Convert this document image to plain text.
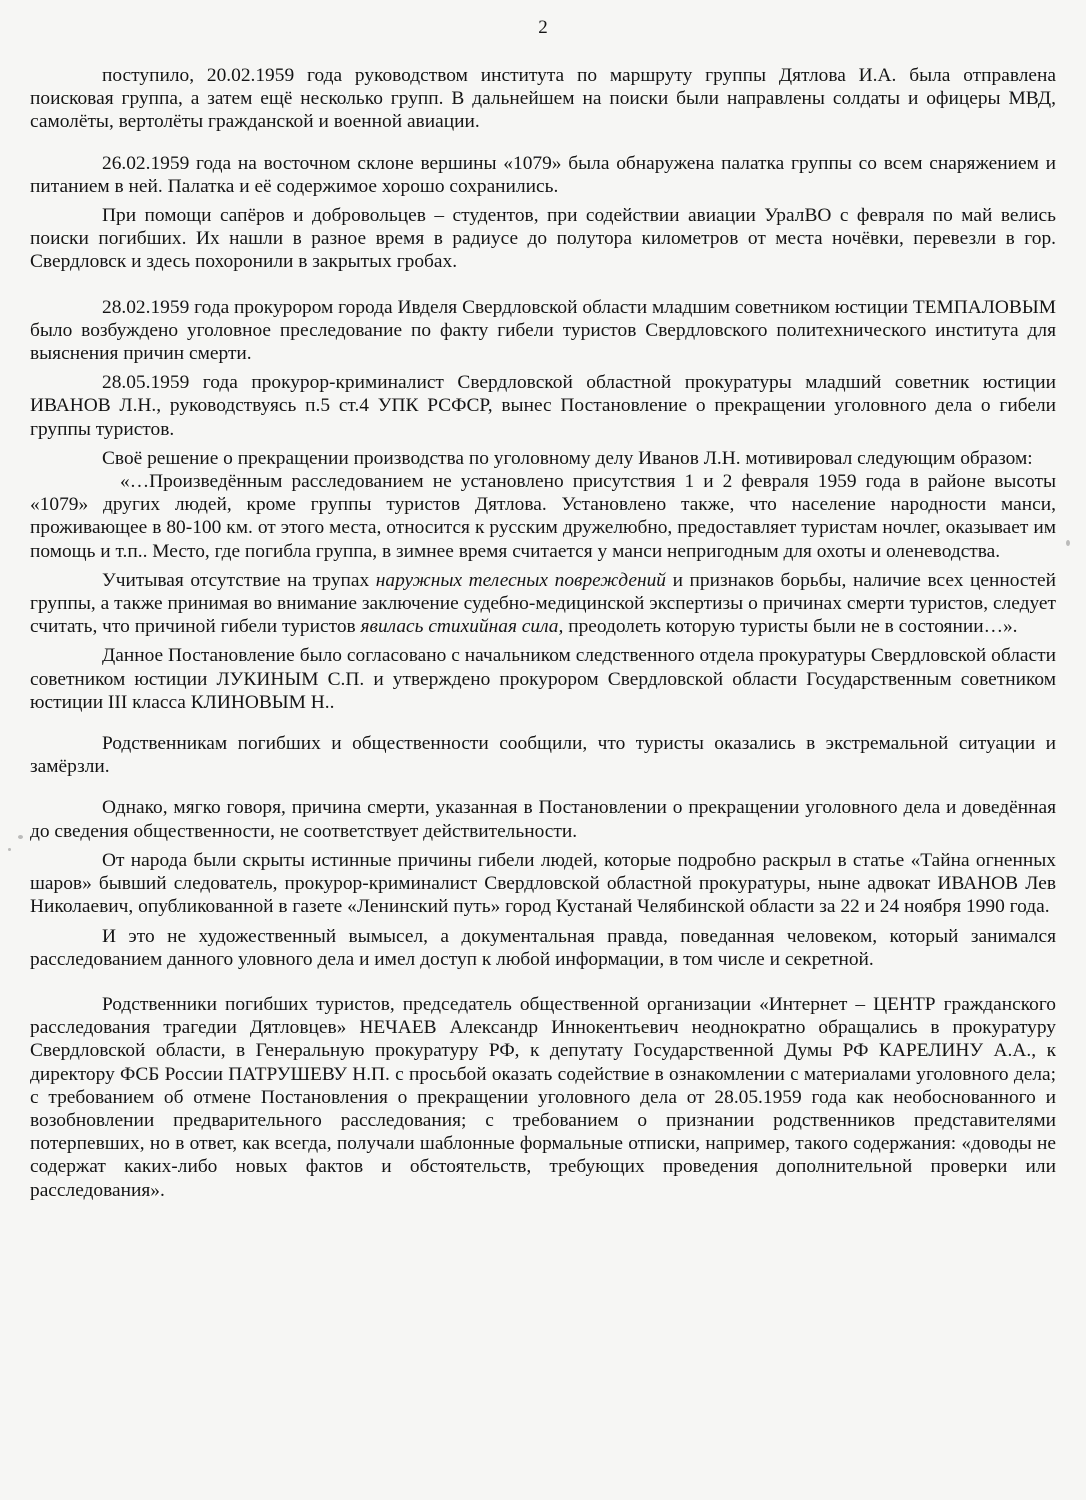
2

поступило, 20.02.1959 года руководством института по маршруту группы Дятлова И.А. была отправлена поисковая группа, а затем ещё несколько групп. В дальнейшем на поиски были направлены солдаты и офицеры МВД, самолёты, вертолёты гражданской и военной авиации.

26.02.1959 года на восточном склоне вершины «1079» была обнаружена палатка группы со всем снаряжением и питанием в ней. Палатка и её содержимое хорошо сохранились.

При помощи сапёров и добровольцев – студентов, при содействии авиации УралВО с февраля по май велись поиски погибших. Их нашли в разное время в радиусе до полутора километров от места ночёвки, перевезли в гор. Свердловск и здесь похоронили в закрытых гробах.

28.02.1959 года прокурором города Ивделя Свердловской области младшим советником юстиции ТЕМПАЛОВЫМ было возбуждено уголовное преследование по факту гибели туристов Свердловского политехнического института для выяснения причин смерти.

28.05.1959 года прокурор-криминалист Свердловской областной прокуратуры младший советник юстиции ИВАНОВ Л.Н., руководствуясь п.5 ст.4 УПК РСФСР, вынес Постановление о прекращении уголовного дела о гибели группы туристов.

Своё решение о прекращении производства по уголовному делу Иванов Л.Н. мотивировал следующим образом:

«…Произведённым расследованием не установлено присутствия 1 и 2 февраля 1959 года в районе высоты «1079» других людей, кроме группы туристов Дятлова. Установлено также, что население народности манси, проживающее в 80-100 км. от этого места, относится к русским дружелюбно, предоставляет туристам ночлег, оказывает им помощь и т.п.. Место, где погибла группа, в зимнее время считается у манси непригодным для охоты и оленеводства.

Учитывая отсутствие на трупах наружных телесных повреждений и признаков борьбы, наличие всех ценностей группы, а также принимая во внимание заключение судебно-медицинской экспертизы о причинах смерти туристов, следует считать, что причиной гибели туристов явилась стихийная сила, преодолеть которую туристы были не в состоянии…».

Данное Постановление было согласовано с начальником следственного отдела прокуратуры Свердловской области советником юстиции ЛУКИНЫМ С.П. и утверждено прокурором Свердловской области Государственным советником юстиции III класса КЛИНОВЫМ Н..

Родственникам погибших и общественности сообщили, что туристы оказались в экстремальной ситуации и замёрзли.

Однако, мягко говоря, причина смерти, указанная в Постановлении о прекращении уголовного дела и доведённая до сведения общественности, не соответствует действительности.

От народа были скрыты истинные причины гибели людей, которые подробно раскрыл в статье «Тайна огненных шаров» бывший следователь, прокурор-криминалист Свердловской областной прокуратуры, ныне адвокат ИВАНОВ Лев Николаевич, опубликованной в газете «Ленинский путь» город Кустанай Челябинской области за 22 и 24 ноября 1990 года.

И это не художественный вымысел, а документальная правда, поведанная человеком, который занимался расследованием данного уловного дела и имел доступ к любой информации, в том числе и секретной.

Родственники погибших туристов, председатель общественной организации «Интернет – ЦЕНТР гражданского расследования трагедии Дятловцев» НЕЧАЕВ Александр Иннокентьевич неоднократно обращались в прокуратуру Свердловской области, в Генеральную прокуратуру РФ, к депутату Государственной Думы РФ КАРЕЛИНУ А.А., к директору ФСБ России ПАТРУШЕВУ Н.П. с просьбой оказать содействие в ознакомлении с материалами уголовного дела; с требованием об отмене Постановления о прекращении уголовного дела от 28.05.1959 года как необоснованного и возобновлении предварительного расследования; с требованием о признании родственников представителями потерпевших, но в ответ, как всегда, получали шаблонные формальные отписки, например, такого содержания: «доводы не содержат каких-либо новых фактов и обстоятельств, требующих проведения дополнительной проверки или расследования».
